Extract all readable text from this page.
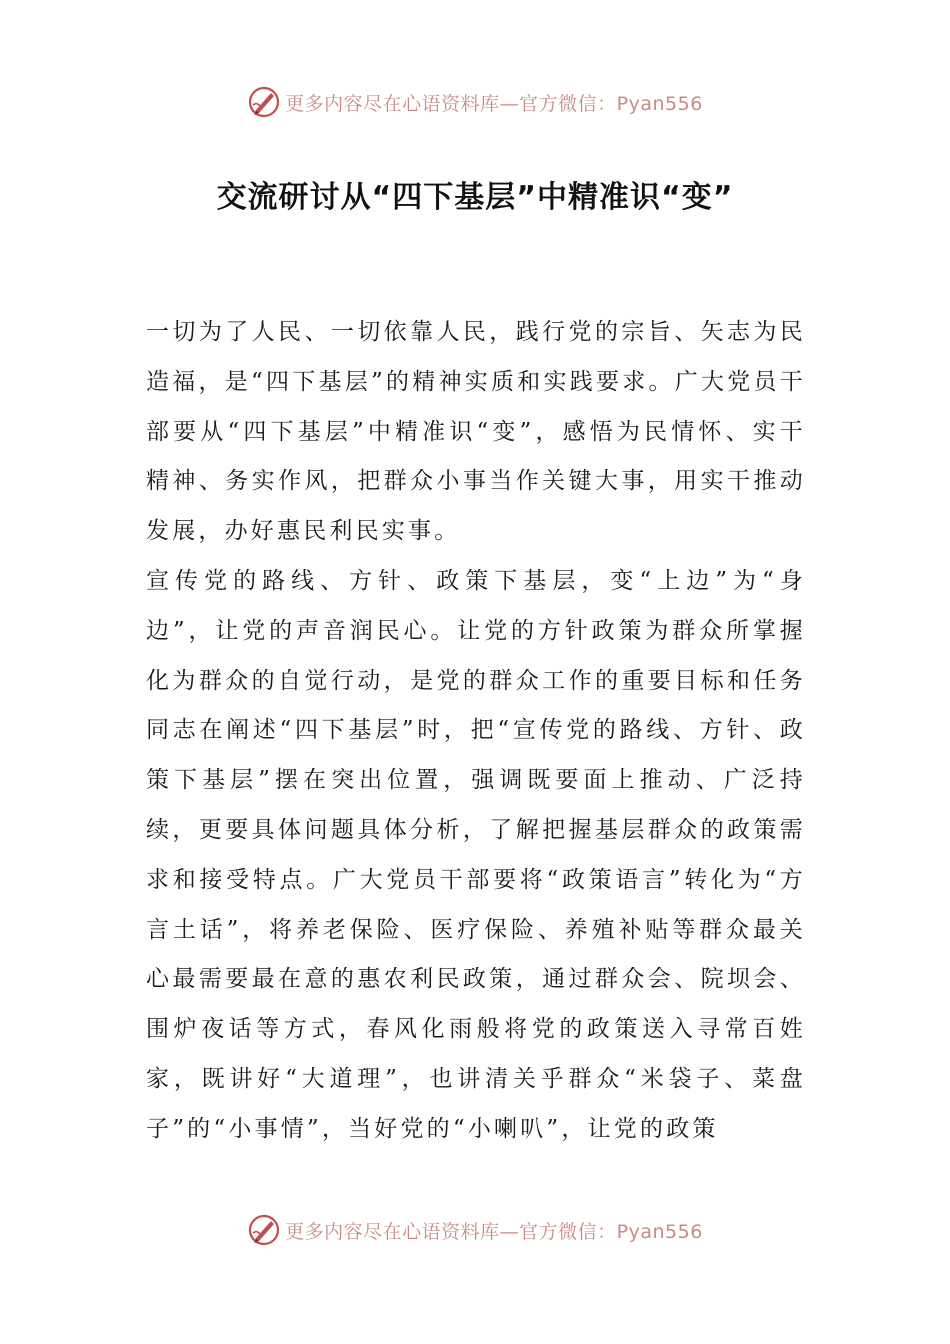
更多内容尽在心语资料库—官方微信：Pyan556
交流研讨从“四下基层”中精准识“变”

一切为了人民、一切依靠人民，践行党的宗旨、矢志为民造福，是“四下基层”的精神实质和实践要求。广大党员干部要从“四下基层”中精准识“变”，感悟为民情怀、实干精神、务实作风，把群众小事当作关键大事，用实干推动发展，办好惠民利民实事。

宣传党的路线、方针、政策下基层，变“上边”为“身边”，让党的声音润民心。让党的方针政策为群众所掌握化为群众的自觉行动，是党的群众工作的重要目标和任务同志在阐述“四下基层”时，把“宣传党的路线、方针、政策下基层”摆在突出位置，强调既要面上推动、广泛持续，更要具体问题具体分析，了解把握基层群众的政策需求和接受特点。广大党员干部要将“政策语言”转化为“方言土话”，将养老保险、医疗保险、养殖补贴等群众最关心最需要最在意的惠农利民政策，通过群众会、院坝会、围炉夜话等方式，春风化雨般将党的政策送入寻常百姓家，既讲好“大道理”，也讲清关乎群众“米袋子、菜盘子”的“小事情”，当好党的“小喇叭”，让党的政策

更多内容尽在心语资料库—官方微信：Pyan556
